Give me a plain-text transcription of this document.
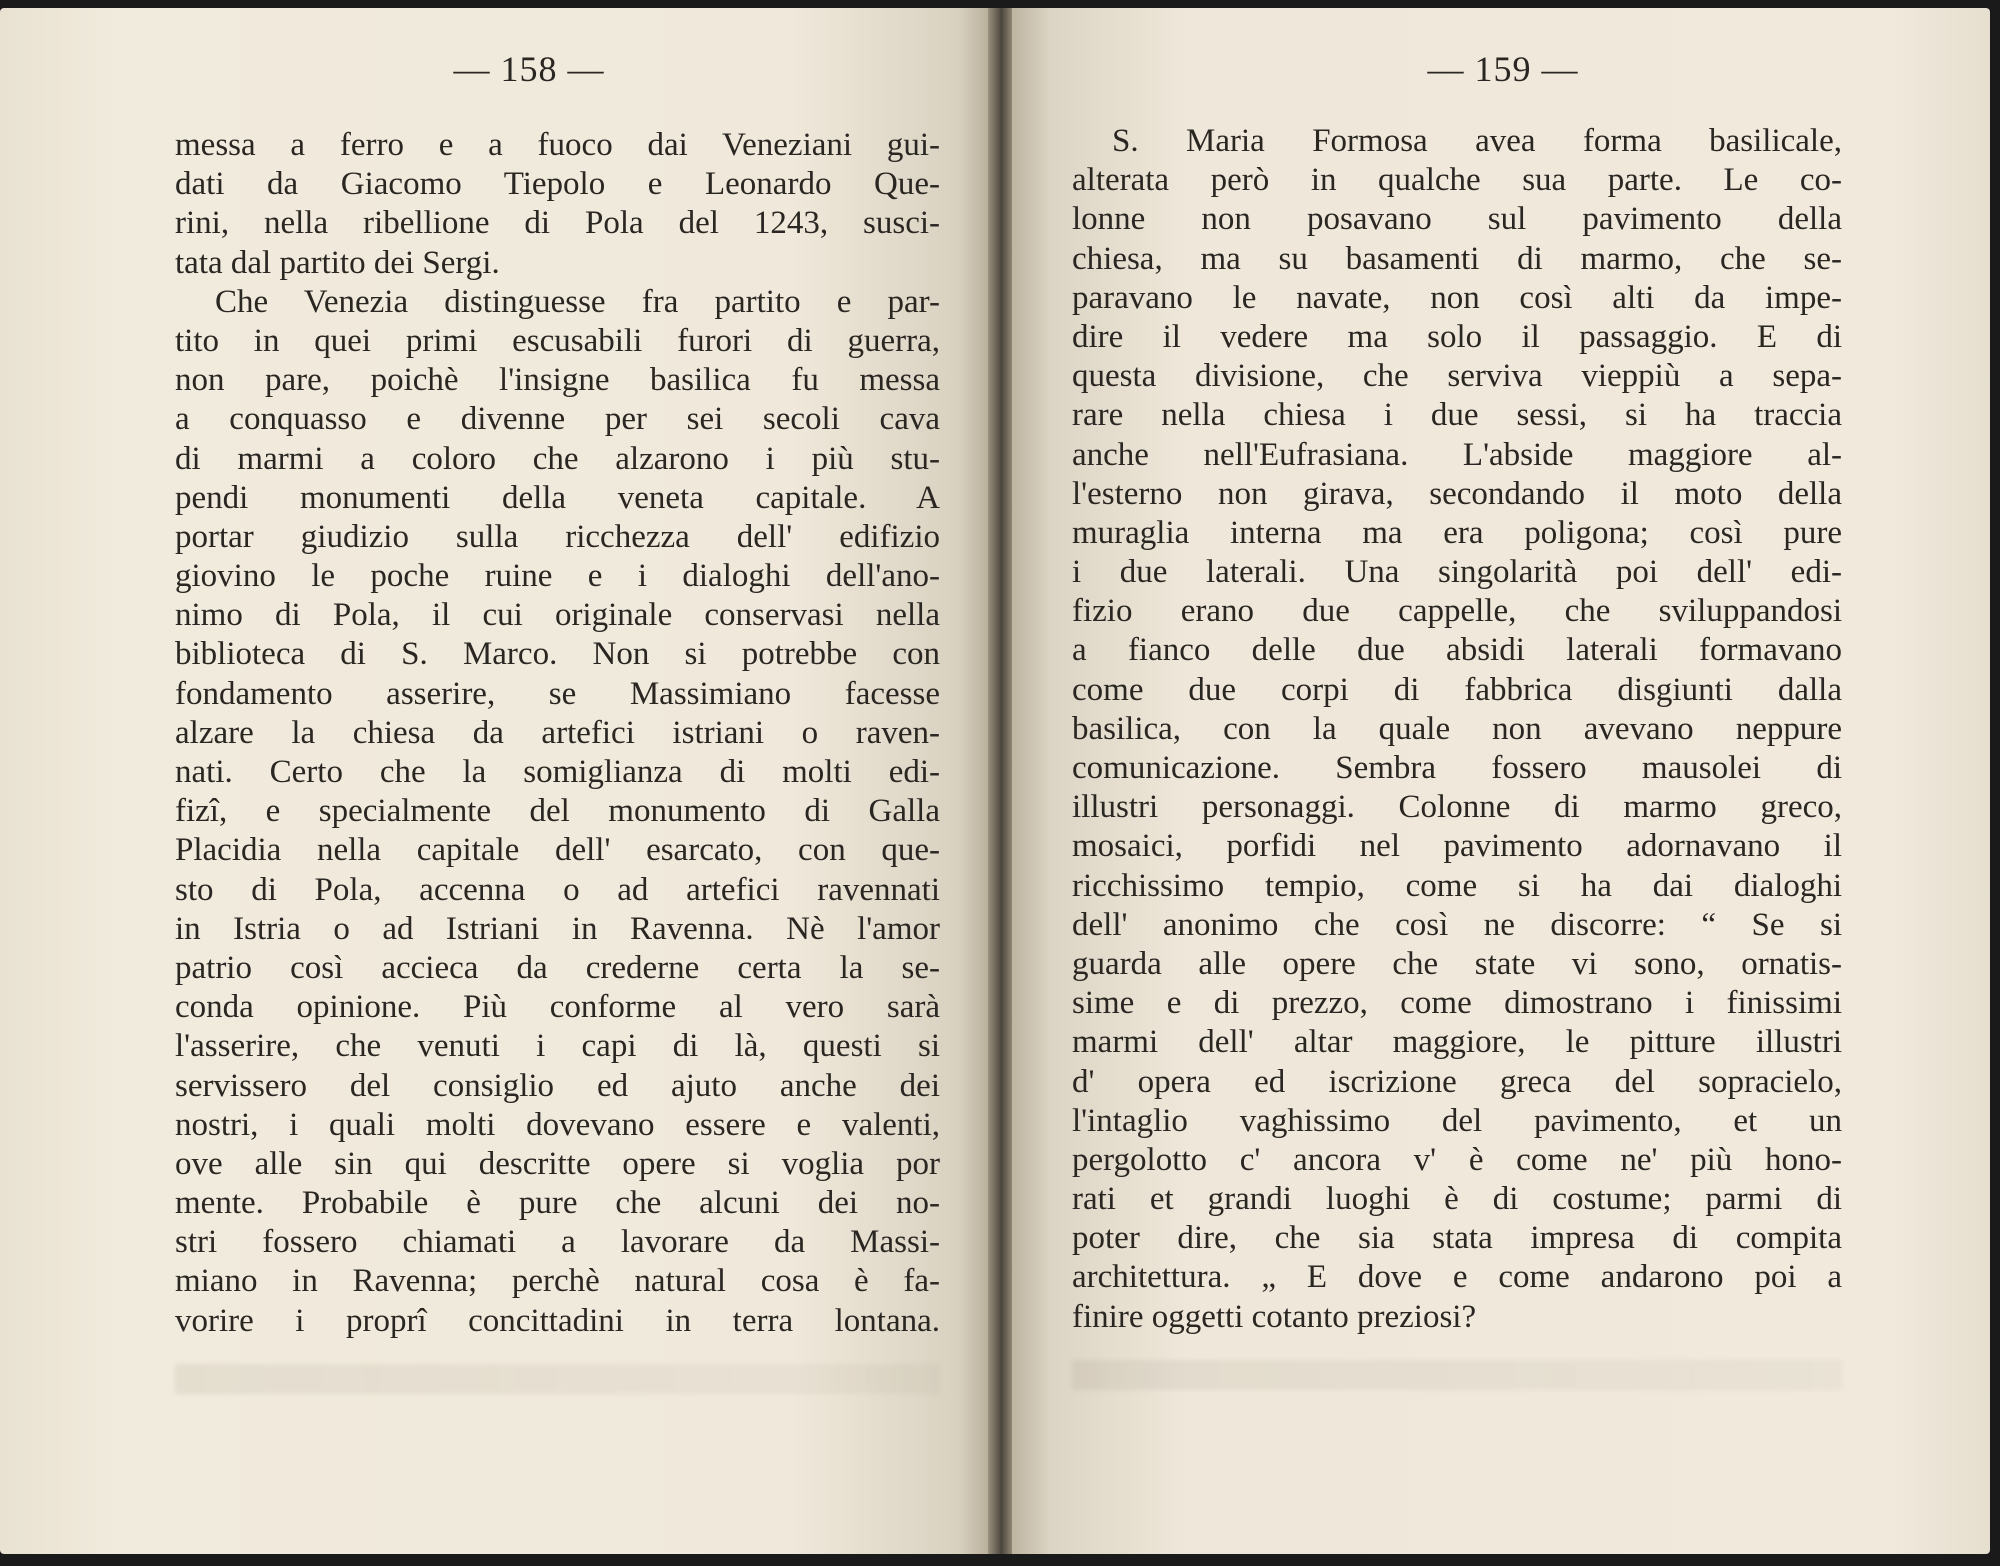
— 158 —
messa a ferro e a fuoco dai Veneziani gui-
dati da Giacomo Tiepolo e Leonardo Que-
rini, nella ribellione di Pola del 1243, susci-
tata dal partito dei Sergi.
Che Venezia distinguesse fra partito e par-
tito in quei primi escusabili furori di guerra,
non pare, poichè l'insigne basilica fu messa
a conquasso e divenne per sei secoli cava
di marmi a coloro che alzarono i più stu-
pendi monumenti della veneta capitale. A
portar giudizio sulla ricchezza dell' edifizio
giovino le poche ruine e i dialoghi dell'ano-
nimo di Pola, il cui originale conservasi nella
biblioteca di S. Marco. Non si potrebbe con
fondamento asserire, se Massimiano facesse
alzare la chiesa da artefici istriani o raven-
nati. Certo che la somiglianza di molti edi-
fizî, e specialmente del monumento di Galla
Placidia nella capitale dell' esarcato, con que-
sto di Pola, accenna o ad artefici ravennati
in Istria o ad Istriani in Ravenna. Nè l'amor
patrio così accieca da crederne certa la se-
conda opinione. Più conforme al vero sarà
l'asserire, che venuti i capi di là, questi si
servissero del consiglio ed ajuto anche dei
nostri, i quali molti dovevano essere e valenti,
ove alle sin qui descritte opere si voglia por
mente. Probabile è pure che alcuni dei no-
stri fossero chiamati a lavorare da Massi-
miano in Ravenna; perchè natural cosa è fa-
vorire i proprî concittadini in terra lontana.
— 159 —
S. Maria Formosa avea forma basilicale,
alterata però in qualche sua parte. Le co-
lonne non posavano sul pavimento della
chiesa, ma su basamenti di marmo, che se-
paravano le navate, non così alti da impe-
dire il vedere ma solo il passaggio. E di
questa divisione, che serviva vieppiù a sepa-
rare nella chiesa i due sessi, si ha traccia
anche nell'Eufrasiana. L'abside maggiore al-
l'esterno non girava, secondando il moto della
muraglia interna ma era poligona; così pure
i due laterali. Una singolarità poi dell' edi-
fizio erano due cappelle, che sviluppandosi
a fianco delle due absidi laterali formavano
come due corpi di fabbrica disgiunti dalla
basilica, con la quale non avevano neppure
comunicazione. Sembra fossero mausolei di
illustri personaggi. Colonne di marmo greco,
mosaici, porfidi nel pavimento adornavano il
ricchissimo tempio, come si ha dai dialoghi
dell' anonimo che così ne discorre: “ Se si
guarda alle opere che state vi sono, ornatis-
sime e di prezzo, come dimostrano i finissimi
marmi dell' altar maggiore, le pitture illustri
d' opera ed iscrizione greca del sopracielo,
l'intaglio vaghissimo del pavimento, et un
pergolotto c' ancora v' è come ne' più hono-
rati et grandi luoghi è di costume; parmi di
poter dire, che sia stata impresa di compita
architettura. „ E dove e come andarono poi a
finire oggetti cotanto preziosi?
